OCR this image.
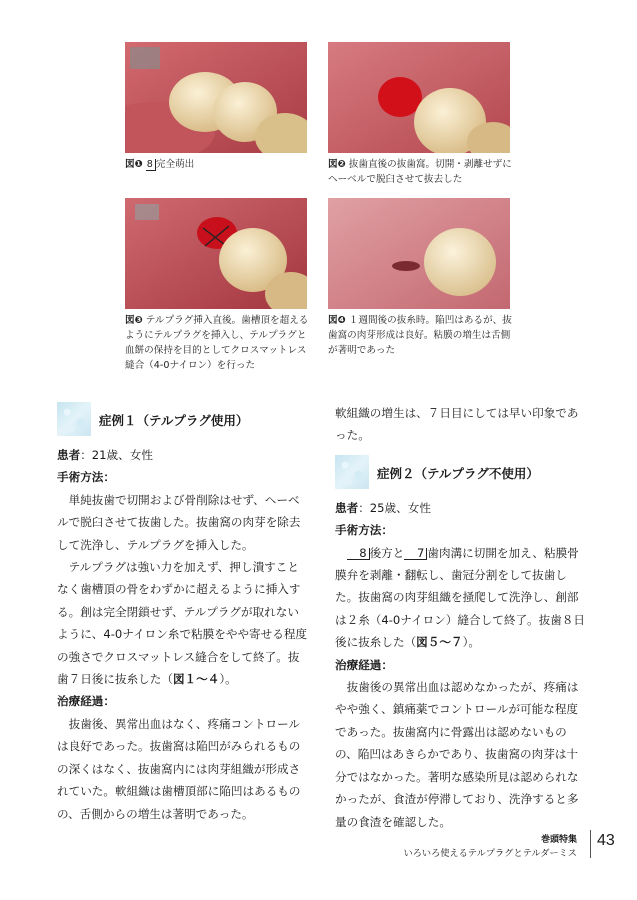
図❶ 8 完全萌出	図❷ 抜歯直後の抜歯窩。切開・剥離せずにヘーベルで脱臼させて抜去した
図❸ テルプラグ挿入直後。歯槽頂を超えるようにテルプラグを挿入し、テルプラグと血餅の保持を目的としてクロスマットレス縫合（4-0ナイロン）を行った
図❹ １週間後の抜糸時。陥凹はあるが、抜歯窩の肉芽形成は良好。粘膜の増生は舌側が著明であった
症例１（テルプラグ使用）

患者：21歳、女性

手術方法：

単純抜歯で切開および骨削除はせず、ヘーベルで脱臼させて抜歯した。抜歯窩の肉芽を除去して洗浄し、テルプラグを挿入した。

テルプラグは強い力を加えず、押し潰すことなく歯槽頂の骨をわずかに超えるように挿入する。創は完全閉鎖せず、テルプラグが取れないように、4-0ナイロン糸で粘膜をやや寄せる程度の強さでクロスマットレス縫合をして終了。抜歯７日後に抜糸した（図１〜４）。

治療経過：

抜歯後、異常出血はなく、疼痛コントロールは良好であった。抜歯窩は陥凹がみられるものの深くはなく、抜歯窩内には肉芽組織が形成されていた。軟組織は歯槽頂部に陥凹はあるものの、舌側からの増生は著明であった。

軟組織の増生は、７日目にしては早い印象であった。

症例２（テルプラグ不使用）

患者：25歳、女性

手術方法：

8 後方と 7 歯肉溝に切開を加え、粘膜骨膜弁を剥離・翻転し、歯冠分割をして抜歯した。抜歯窩の肉芽組織を掻爬して洗浄し、創部は２糸（4-0ナイロン）縫合して終了。抜歯８日後に抜糸した（図５〜７）。

治療経過：

抜歯後の異常出血は認めなかったが、疼痛はやや強く、鎮痛薬でコントロールが可能な程度であった。抜歯窩内に骨露出は認めないものの、陥凹はあきらかであり、抜歯窩の肉芽は十分ではなかった。著明な感染所見は認められなかったが、食渣が停滞しており、洗浄すると多量の食渣を確認した。

巻頭特集
いろいろ使えるテルプラグとテルダーミス
43
